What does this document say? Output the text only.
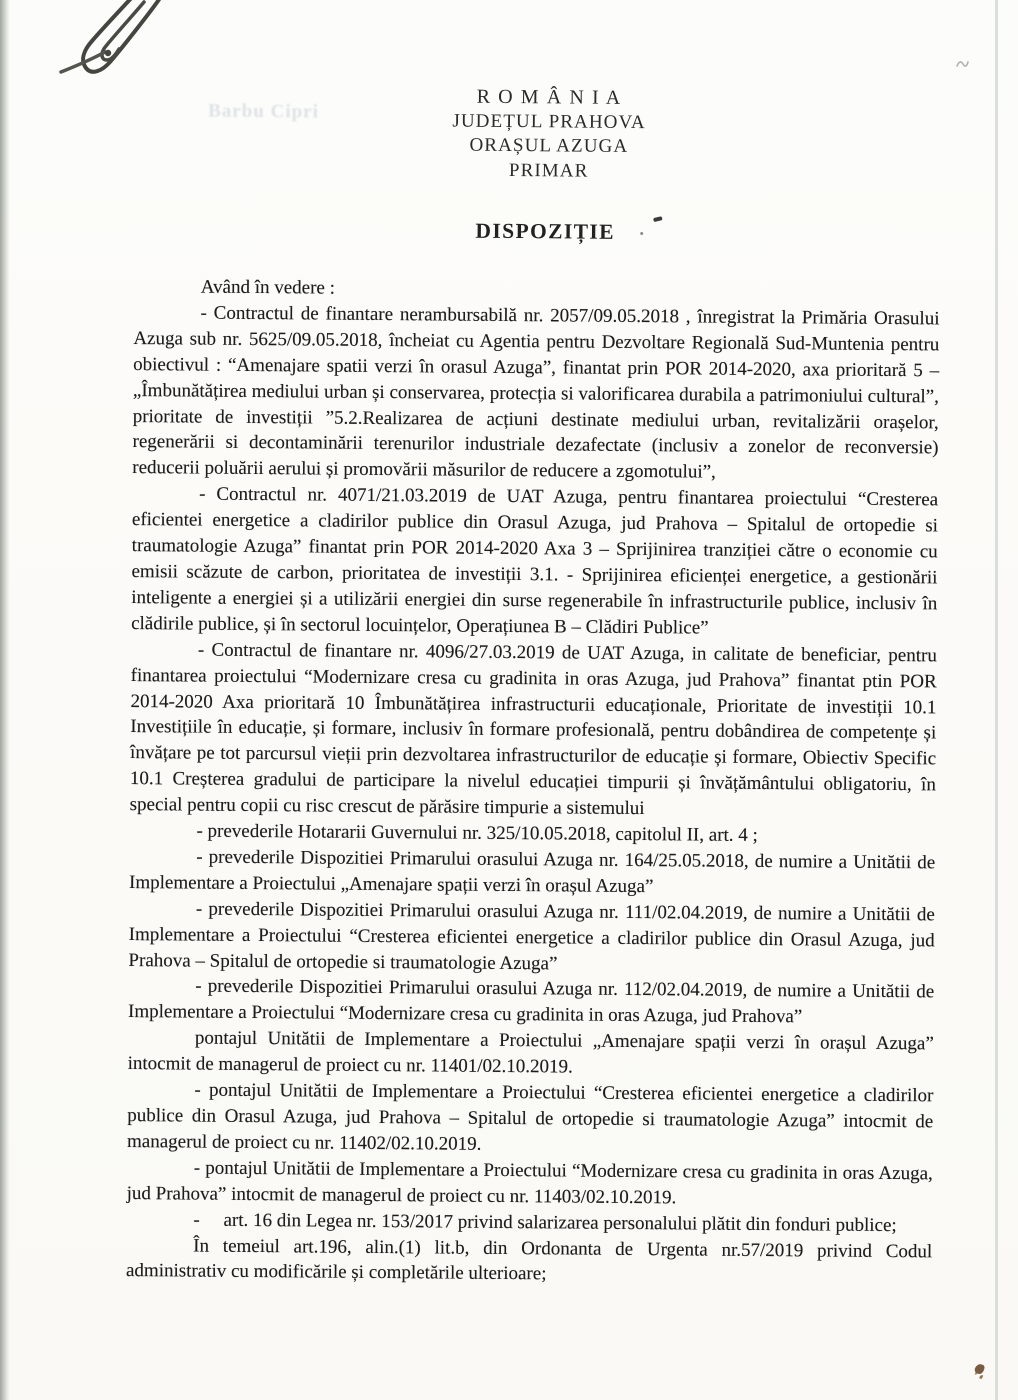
Barbu Cipri
R O M Â N I A
JUDEȚUL PRAHOVA
ORAȘUL AZUGA
PRIMAR
DISPOZIȚIE

Având în vedere :

- Contractul de finantare nerambursabilă nr. 2057/09.05.2018 , înregistrat la Primăria Orasului Azuga sub nr. 5625/09.05.2018, încheiat cu Agentia pentru Dezvoltare Regională Sud-Muntenia pentru obiectivul : “Amenajare spatii verzi în orasul Azuga”, finantat prin POR 2014-2020, axa prioritară 5 – „Îmbunătățirea mediului urban și conservarea, protecția si valorificarea durabila a patrimoniului cultural”, prioritate de investiții ”5.2.Realizarea de acțiuni destinate mediului urban, revitalizării orașelor, regenerării si decontaminării terenurilor industriale dezafectate (inclusiv a zonelor de reconversie) reducerii poluării aerului și promovării măsurilor de reducere a zgomotului”,

- Contractul nr. 4071/21.03.2019 de UAT Azuga, pentru finantarea proiectului “Cresterea eficientei energetice a cladirilor publice din Orasul Azuga, jud Prahova – Spitalul de ortopedie si traumatologie Azuga” finantat prin POR 2014-2020 Axa 3 – Sprijinirea tranziției către o economie cu emisii scăzute de carbon, prioritatea de investiții 3.1. - Sprijinirea eficienței energetice, a gestionării inteligente a energiei și a utilizării energiei din surse regenerabile în infrastructurile publice, inclusiv în clădirile publice, și în sectorul locuințelor, Operațiunea B – Clădiri Publice”

- Contractul de finantare nr. 4096/27.03.2019 de UAT Azuga, in calitate de beneficiar, pentru finantarea proiectului “Modernizare cresa cu gradinita in oras Azuga, jud Prahova” finantat ptin POR 2014-2020 Axa prioritară 10 Îmbunătățirea infrastructurii educaționale, Prioritate de investiții 10.1 Investițiile în educație, și formare, inclusiv în formare profesională, pentru dobândirea de competențe și învățare pe tot parcursul vieții prin dezvoltarea infrastructurilor de educație și formare, Obiectiv Specific 10.1 Creșterea gradului de participare la nivelul educației timpurii și învățământului obligatoriu, în special pentru copii cu risc crescut de părăsire timpurie a sistemului

- prevederile Hotararii Guvernului nr. 325/10.05.2018, capitolul II, art. 4 ;

- prevederile Dispozitiei Primarului orasului Azuga nr. 164/25.05.2018, de numire a Unitătii de Implementare a Proiectului „Amenajare spații verzi în orașul Azuga”

- prevederile Dispozitiei Primarului orasului Azuga nr. 111/02.04.2019, de numire a Unitătii de Implementare a Proiectului “Cresterea eficientei energetice a cladirilor publice din Orasul Azuga, jud Prahova – Spitalul de ortopedie si traumatologie Azuga”

- prevederile Dispozitiei Primarului orasului Azuga nr. 112/02.04.2019, de numire a Unitătii de Implementare a Proiectului “Modernizare cresa cu gradinita in oras Azuga, jud Prahova”

pontajul Unitătii de Implementare a Proiectului „Amenajare spații verzi în orașul Azuga” intocmit de managerul de proiect cu nr. 11401/02.10.2019.

- pontajul Unitătii de Implementare a Proiectului “Cresterea eficientei energetice a cladirilor publice din Orasul Azuga, jud Prahova – Spitalul de ortopedie si traumatologie Azuga” intocmit de managerul de proiect cu nr. 11402/02.10.2019.

- pontajul Unitătii de Implementare a Proiectului “Modernizare cresa cu gradinita in oras Azuga, jud Prahova” intocmit de managerul de proiect cu nr. 11403/02.10.2019.

-     art. 16 din Legea nr. 153/2017 privind salarizarea personalului plătit din fonduri publice;

În temeiul art.196, alin.(1) lit.b, din Ordonanta de Urgenta nr.57/2019 privind Codul administrativ cu modificările și completările ulterioare;
